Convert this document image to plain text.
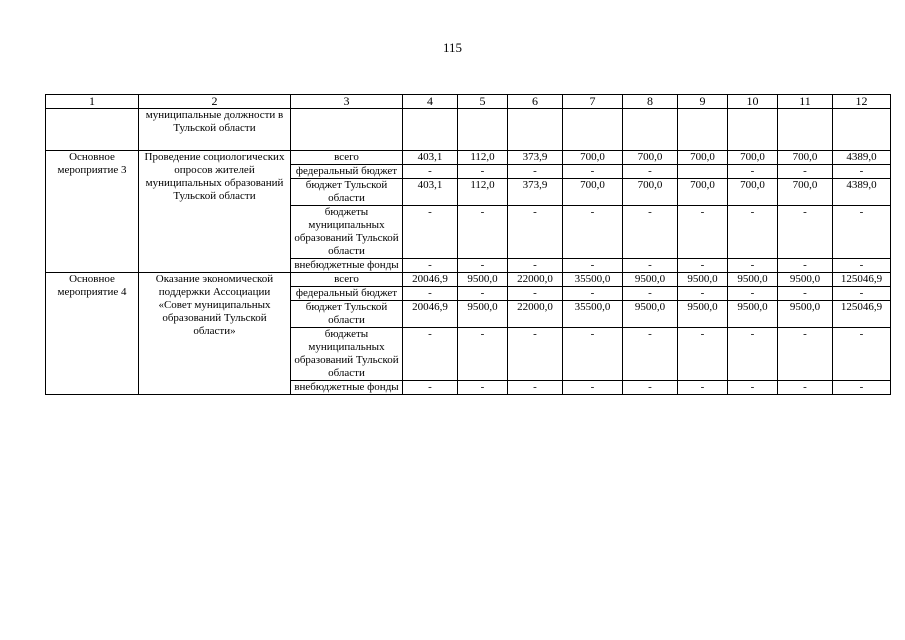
115
1	2	3	4	5	6	7	8	9	10	11	12
	муниципальные должности в Тульской области										
Основное мероприятие 3	Проведение социологических опросов жителей муниципальных образований Тульской области	всего	403,1	112,0	373,9	700,0	700,0	700,0	700,0	700,0	4389,0
		федеральный бюджет	-	-	-	-	-		-	-	-
		бюджет Тульской области	403,1	112,0	373,9	700,0	700,0	700,0	700,0	700,0	4389,0
		бюджеты муниципальных образований Тульской области	-	-	-	-	-	-	-	-	-
		внебюджетные фонды	-	-	-	-	-	-	-	-	-
Основное мероприятие 4	Оказание экономической поддержки Ассоциации «Совет муниципальных образований Тульской области»	всего	20046,9	9500,0	22000,0	35500,0	9500,0	9500,0	9500,0	9500,0	125046,9
		федеральный бюджет	-	-	-	-	-	-	-	-	-
		бюджет Тульской области	20046,9	9500,0	22000,0	35500,0	9500,0	9500,0	9500,0	9500,0	125046,9
		бюджеты муниципальных образований Тульской области	-	-	-	-	-	-	-	-	-
		внебюджетные фонды	-	-	-	-	-	-	-	-	-
